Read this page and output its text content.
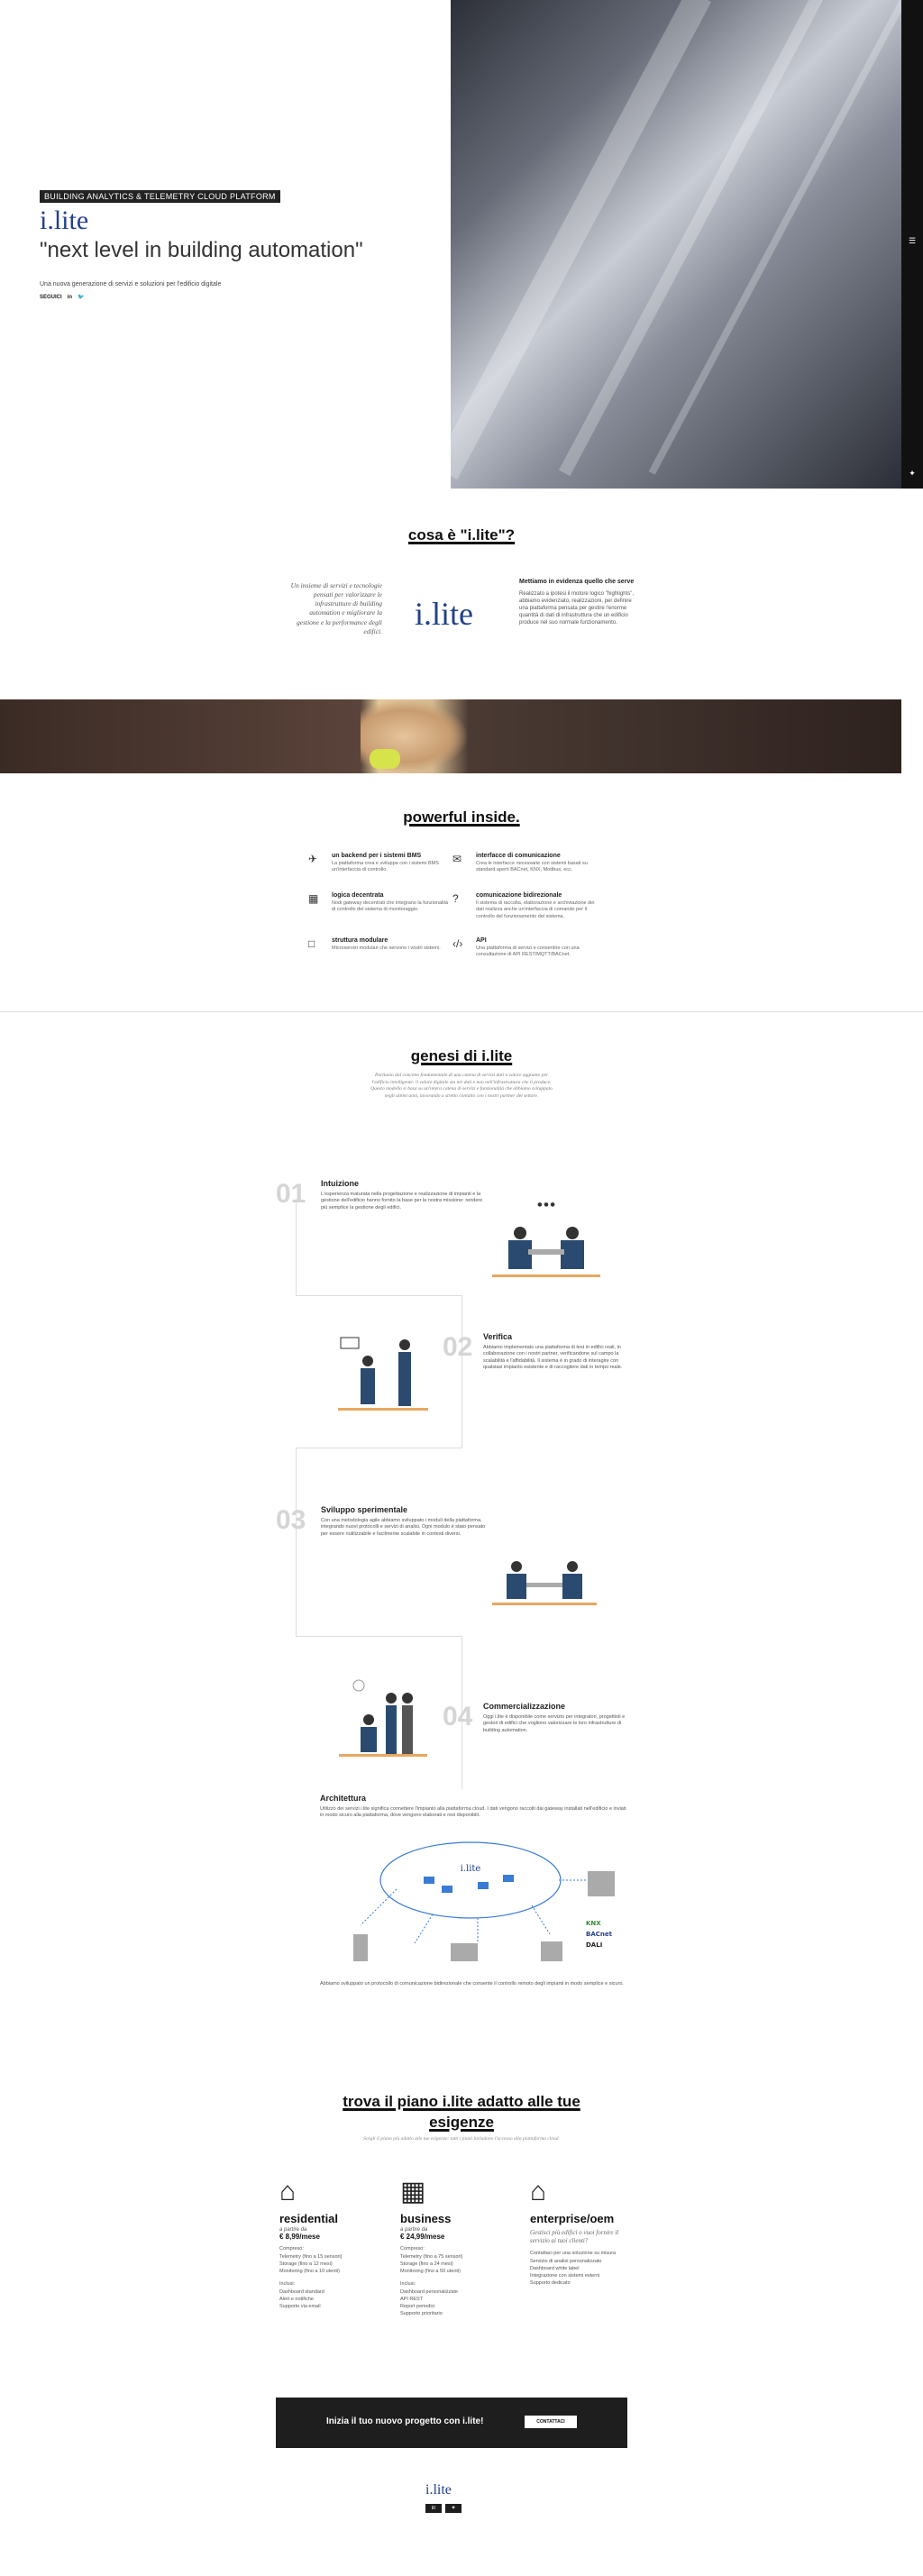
BUILDING ANALYTICS & TELEMETRY CLOUD PLATFORM
i.lite
"next level in building automation"
Una nuova generazione di servizi e soluzioni per l'edificio digitale
SEGUICI in 🐦
☰
✦
cosa è "i.lite"?
Un insieme di servizi e tecnologie pensati per valorizzare le infrastrutture di building automation e migliorare la gestione e la performance degli edifici. i.lite
Mettiamo in evidenza quello che serve

Realizzato a ipotesi il motore logico "highlights", abbiamo evidenziato, realizzazioni, per definire una piattaforma pensata per gestire l'enorme quantità di dati di infrastruttura che un edificio produce nel suo normale funzionamento.

powerful inside.
✈	un backend per i sistemi BMS

La piattaforma crea e sviluppa con i sistemi BMS un'interfaccia di controllo.

✉	interfacce di comunicazione

Crea le interfacce necessarie con sistemi basati su standard aperti BACnet, KNX, Modbus, ecc.

▦	logica decentrata

Nodi gateway decentrati che integrano la funzionalità di controllo del sistema di monitoraggio.

?	comunicazione bidirezionale

Il sistema di raccolta, elaborazione e archiviazione dei dati realizza anche un'interfaccia di comando per il controllo del funzionamento del sistema.

□	struttura modulare

Microservizi modulari che servono i vostri sistemi.	‹/›	API

Una piattaforma di servizi e consentire con una consultazione di API REST/MQTT/BACnet.

genesi di i.lite
Partiamo dal concetto fondamentale di una catena di servizi dati a valore aggiunto per l'edificio intelligente: il valore digitale sta nei dati e non nell'infrastruttura che li produce. Questo modello si basa su un'intera catena di servizi e funzionalità che abbiamo sviluppato negli ultimi anni, lavorando a stretto contatto con i nostri partner del settore.
01 Intuizione

L'esperienza maturata nella progettazione e realizzazione di impianti e la gestione dell'edificio hanno fornito la base per la nostra missione: rendere più semplice la gestione degli edifici.

02 Verifica

Abbiamo implementato una piattaforma di test in edifici reali, in collaborazione con i nostri partner, verificandone sul campo la scalabilità e l'affidabilità. Il sistema è in grado di interagire con qualsiasi impianto esistente e di raccogliere dati in tempo reale.

03 Sviluppo sperimentale

Con una metodologia agile abbiamo sviluppato i moduli della piattaforma, integrando nuovi protocolli e servizi di analisi. Ogni modulo è stato pensato per essere riutilizzabile e facilmente scalabile in contesti diversi.

04 Commercializzazione

Oggi i.lite è disponibile come servizio per integratori, progettisti e gestori di edifici che vogliono valorizzare le loro infrastrutture di building automation.

● ● ●
Architettura
Utilizzo dei servizi i.lite significa connettere l'impianto alla piattaforma cloud. I dati vengono raccolti dai gateway installati nell'edificio e inviati in modo sicuro alla piattaforma, dove vengono elaborati e resi disponibili.
i.lite
KNX
BACnet
DALI
Abbiamo sviluppato un protocollo di comunicazione bidirezionale che consente il controllo remoto degli impianti in modo semplice e sicuro.
trova il piano i.lite adatto alle tue esigenze
Scegli il piano più adatto alle tue esigenze: tutti i piani includono l'accesso alla piattaforma cloud.
⌂
residential
a partire da
€ 8,99/mese
Compreso:
Telemetry (fino a 15 sensori)
Storage (fino a 12 mesi)
Monitoring (fino a 10 utenti)
Inclusi:
Dashboard standard
Alert e notifiche
Supporto via email
▦
business
a partire da
€ 24,99/mese
Compreso:
Telemetry (fino a 75 sensori)
Storage (fino a 24 mesi)
Monitoring (fino a 50 utenti)
Inclusi:
Dashboard personalizzate
API REST
Report periodici
Supporto prioritario
⌂
enterprise/oem
Gestisci più edifici o vuoi fornire il servizio ai tuoi clienti?
Contattaci per una soluzione su misura
Servizio di analisi personalizzato
Dashboard white label
Integrazione con sistemi esterni
Supporto dedicato
Inizia il tuo nuovo progetto con i.lite!	CONTATTACI
i.lite
in	✦
